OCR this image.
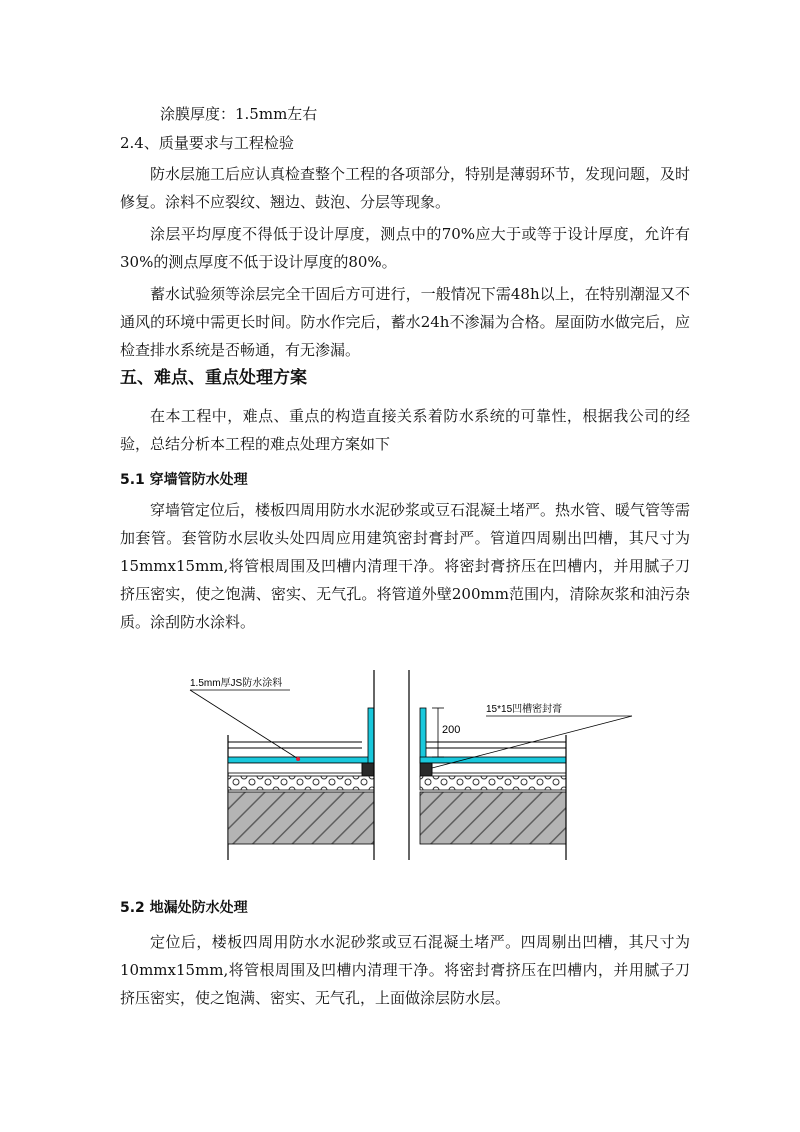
涂膜厚度：1.5mm左右
2.4、质量要求与工程检验

防水层施工后应认真检查整个工程的各项部分，特别是薄弱环节，发现问题，及时修复。涂料不应裂纹、翘边、鼓泡、分层等现象。

涂层平均厚度不得低于设计厚度，测点中的70%应大于或等于设计厚度，允许有30%的测点厚度不低于设计厚度的80%。

蓄水试验须等涂层完全干固后方可进行，一般情况下需48h以上，在特别潮湿又不通风的环境中需更长时间。防水作完后，蓄水24h不渗漏为合格。屋面防水做完后，应检查排水系统是否畅通，有无渗漏。

五、难点、重点处理方案

在本工程中，难点、重点的构造直接关系着防水系统的可靠性，根据我公司的经验，总结分析本工程的难点处理方案如下

5.1 穿墙管防水处理

穿墙管定位后，楼板四周用防水水泥砂浆或豆石混凝土堵严。热水管、暖气管等需加套管。套管防水层收头处四周应用建筑密封膏封严。管道四周剔出凹槽，其尺寸为15mmx15mm,将管根周围及凹槽内清理干净。将密封膏挤压在凹槽内，并用腻子刀挤压密实，使之饱满、密实、无气孔。将管道外壁200mm范围内，清除灰浆和油污杂质。涂刮防水涂料。

1.5mm厚JS防水涂料
200
15*15凹槽密封膏
5.2 地漏处防水处理

定位后，楼板四周用防水水泥砂浆或豆石混凝土堵严。四周剔出凹槽，其尺寸为10mmx15mm,将管根周围及凹槽内清理干净。将密封膏挤压在凹槽内，并用腻子刀挤压密实，使之饱满、密实、无气孔，上面做涂层防水层。
